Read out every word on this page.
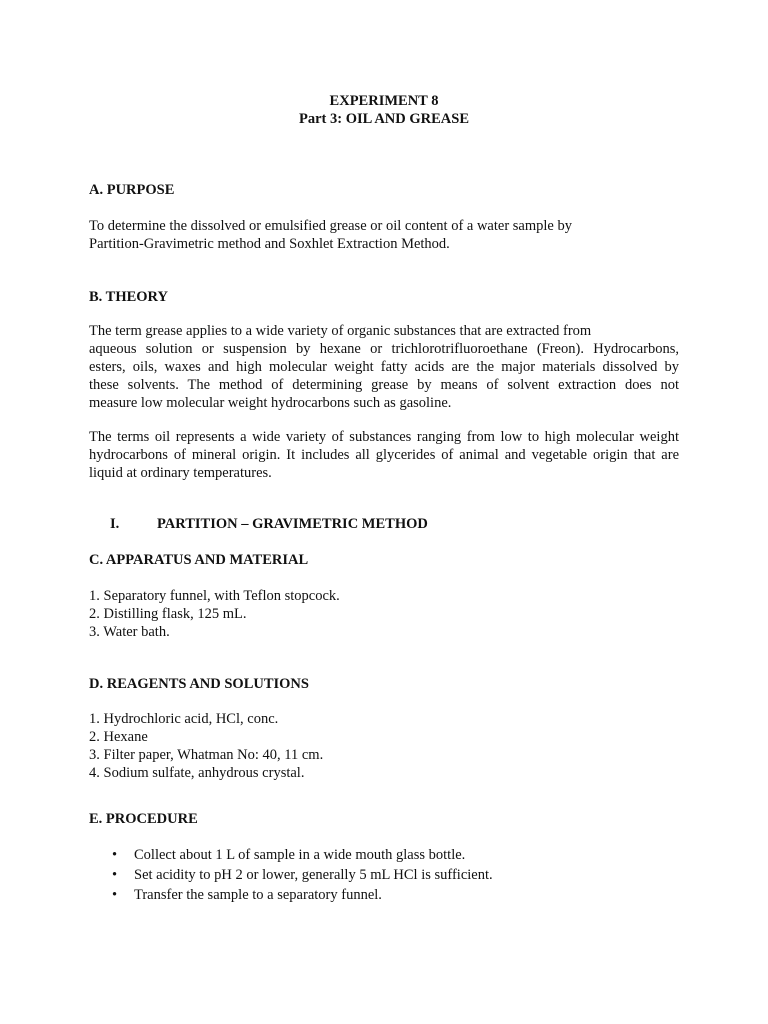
EXPERIMENT 8
Part 3: OIL AND GREASE
A. PURPOSE
To determine the dissolved or emulsified grease or oil content of a water sample by
Partition-Gravimetric method and Soxhlet Extraction Method.
B. THEORY
The term grease applies to a wide variety of organic substances that are extracted from
aqueous solution or suspension by hexane or trichlorotrifluoroethane (Freon). Hydrocarbons,
esters, oils, waxes and high molecular weight fatty acids are the major materials dissolved by
these solvents. The method of determining grease by means of solvent extraction does not
measure low molecular weight hydrocarbons such as gasoline.
The terms oil represents a wide variety of substances ranging from low to high molecular weight
hydrocarbons of mineral origin. It includes all glycerides of animal and vegetable origin that are
liquid at ordinary temperatures.
I.	PARTITION – GRAVIMETRIC METHOD
C. APPARATUS AND MATERIAL
1. Separatory funnel, with Teflon stopcock.
2. Distilling flask, 125 mL.
3. Water bath.
D. REAGENTS AND SOLUTIONS
1. Hydrochloric acid, HCl, conc.
2. Hexane
3. Filter paper, Whatman No: 40, 11 cm.
4. Sodium sulfate, anhydrous crystal.
E. PROCEDURE
• Collect about 1 L of sample in a wide mouth glass bottle.
• Set acidity to pH 2 or lower, generally 5 mL HCl is sufficient.
• Transfer the sample to a separatory funnel.
